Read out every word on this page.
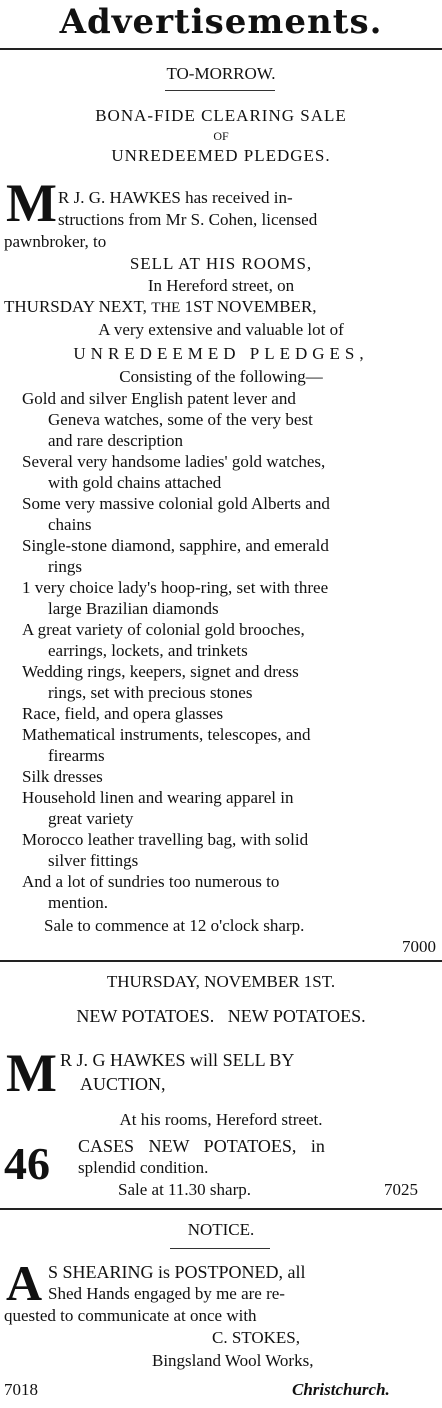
Advertisements.
TO-MORROW.
BONA-FIDE CLEARING SALE
OF
UNREDEEMED PLEDGES.
M R J. G. HAWKES has received in-
structions from Mr S. Cohen, licensed
pawnbroker, to
SELL AT HIS ROOMS,
In Hereford street, on
THURSDAY NEXT, THE 1ST NOVEMBER,
A very extensive and valuable lot of
UNREDEEMED PLEDGES,
Consisting of the following—
Gold and silver English patent lever and
Geneva watches, some of the very best
and rare description
Several very handsome ladies' gold watches,
with gold chains attached
Some very massive colonial gold Alberts and
chains
Single-stone diamond, sapphire, and emerald
rings
1 very choice lady's hoop-ring, set with three
large Brazilian diamonds
A great variety of colonial gold brooches,
earrings, lockets, and trinkets
Wedding rings, keepers, signet and dress
rings, set with precious stones
Race, field, and opera glasses
Mathematical instruments, telescopes, and
firearms
Silk dresses
Household linen and wearing apparel in
great variety
Morocco leather travelling bag, with solid
silver fittings
And a lot of sundries too numerous to
mention.
Sale to commence at 12 o'clock sharp.
7000
THURSDAY, NOVEMBER 1ST.
NEW POTATOES.   NEW POTATOES.
M R J. G HAWKES will SELL BY
AUCTION,
At his rooms, Hereford street.
46 CASES NEW POTATOES, in
splendid condition.
Sale at 11.30 sharp.	7025
NOTICE.
A S SHEARING is POSTPONED, all
Shed Hands engaged by me are re-
quested to communicate at once with
C. STOKES,
Bingsland Wool Works,
7018	Christchurch.
